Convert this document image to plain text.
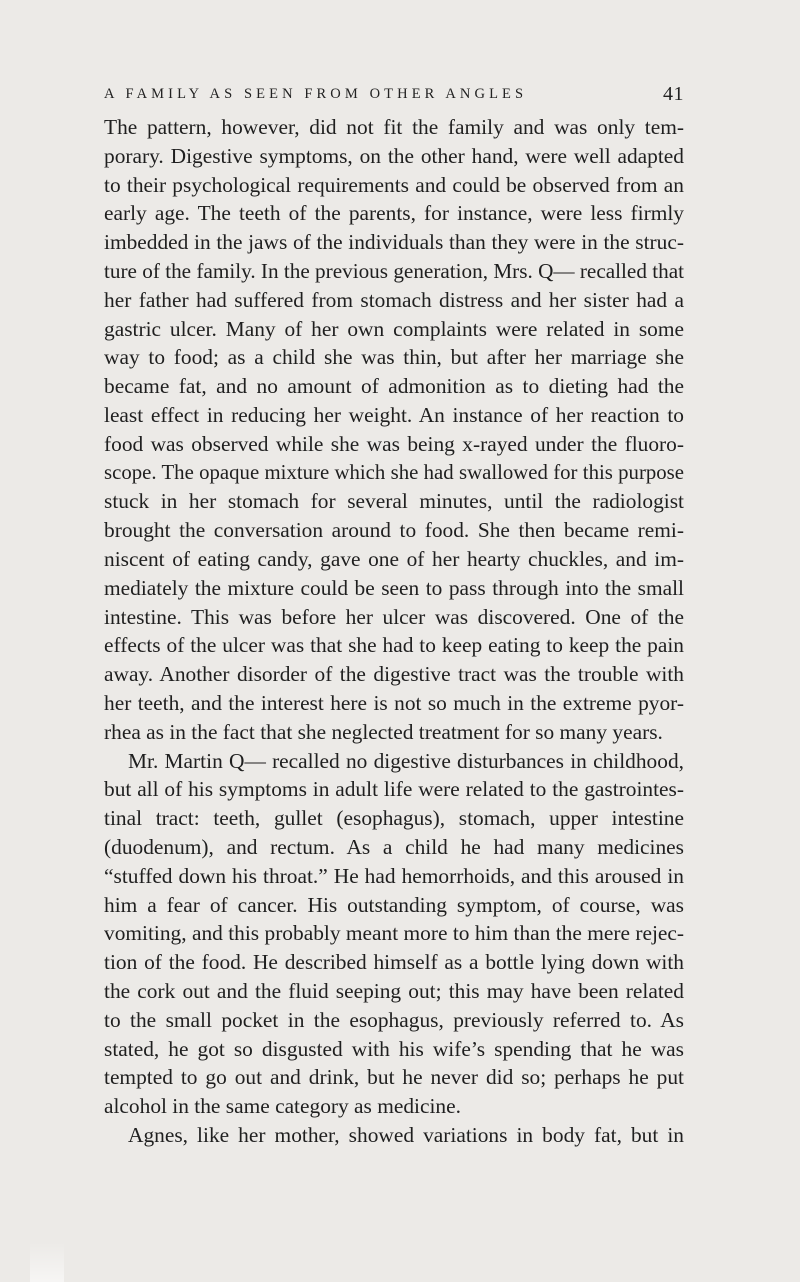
A FAMILY AS SEEN FROM OTHER ANGLES	41
The pattern, however, did not fit the family and was only tem-
porary. Digestive symptoms, on the other hand, were well adapted
to their psychological requirements and could be observed from an
early age. The teeth of the parents, for instance, were less firmly
imbedded in the jaws of the individuals than they were in the struc-
ture of the family. In the previous generation, Mrs. Q— recalled that
her father had suffered from stomach distress and her sister had a
gastric ulcer. Many of her own complaints were related in some
way to food; as a child she was thin, but after her marriage she
became fat, and no amount of admonition as to dieting had the
least effect in reducing her weight. An instance of her reaction to
food was observed while she was being x-rayed under the fluoro-
scope. The opaque mixture which she had swallowed for this purpose
stuck in her stomach for several minutes, until the radiologist
brought the conversation around to food. She then became remi-
niscent of eating candy, gave one of her hearty chuckles, and im-
mediately the mixture could be seen to pass through into the small
intestine. This was before her ulcer was discovered. One of the
effects of the ulcer was that she had to keep eating to keep the pain
away. Another disorder of the digestive tract was the trouble with
her teeth, and the interest here is not so much in the extreme pyor-
rhea as in the fact that she neglected treatment for so many years.
Mr. Martin Q— recalled no digestive disturbances in childhood,
but all of his symptoms in adult life were related to the gastrointes-
tinal tract: teeth, gullet (esophagus), stomach, upper intestine
(duodenum), and rectum. As a child he had many medicines
“stuffed down his throat.” He had hemorrhoids, and this aroused in
him a fear of cancer. His outstanding symptom, of course, was
vomiting, and this probably meant more to him than the mere rejec-
tion of the food. He described himself as a bottle lying down with
the cork out and the fluid seeping out; this may have been related
to the small pocket in the esophagus, previously referred to. As
stated, he got so disgusted with his wife’s spending that he was
tempted to go out and drink, but he never did so; perhaps he put
alcohol in the same category as medicine.
Agnes, like her mother, showed variations in body fat, but in
